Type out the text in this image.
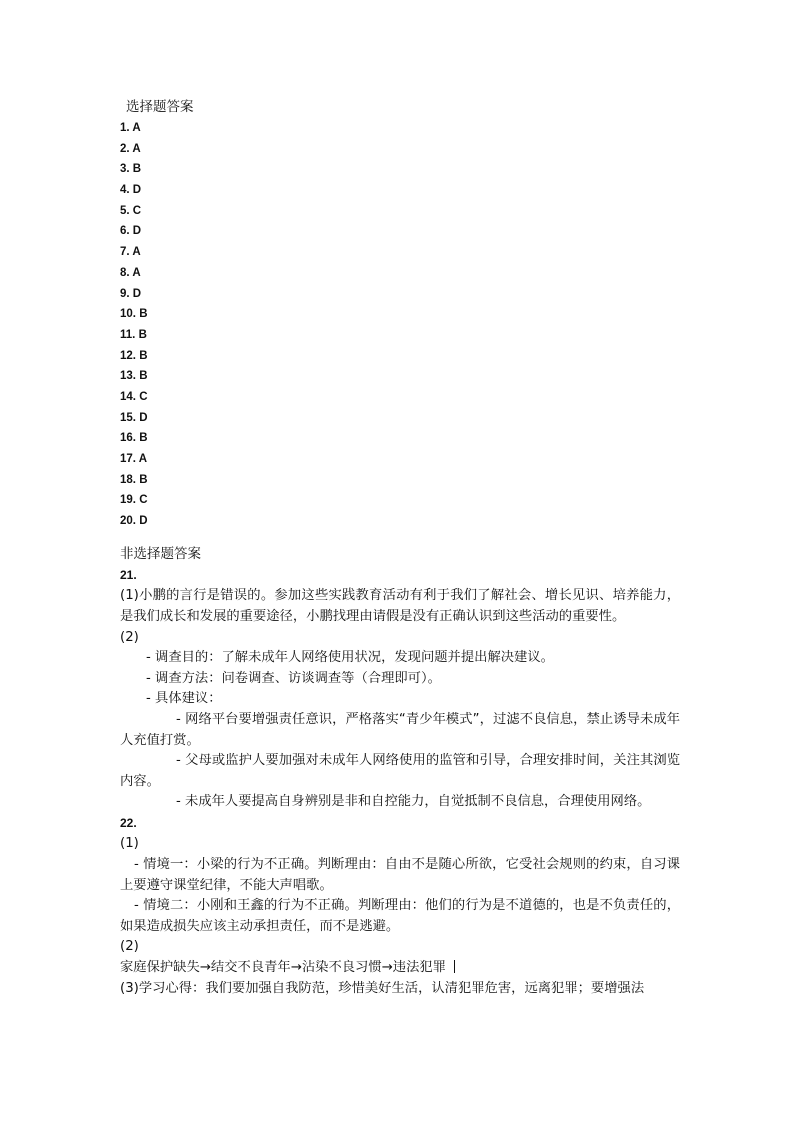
选择题答案
1 . A
2 . A
3 . B
4 . D
5 . C
6 . D
7 . A
8 . A
9 . D
10 . B
11 . B
12 . B
13 . B
14 . C
15 . D
16 . B
17 . A
18 . B
19 . C
20 . D
非选择题答案
21.
(1)小鹏的言行是错误的。参加这些实践教育活动有利于我们了解社会、增长见识、培养能力，是我们成长和发展的重要途径，小鹏找理由请假是没有正确认识到这些活动的重要性。
(2)
- 调查目的：了解未成年人网络使用状况，发现问题并提出解决建议。
- 调查方法：问卷调查、访谈调查等（合理即可）。
- 具体建议：
- 网络平台要增强责任意识，严格落实“青少年模式”，过滤不良信息，禁止诱导未成年人充值打赏。
- 父母或监护人要加强对未成年人网络使用的监管和引导，合理安排时间，关注其浏览内容。
- 未成年人要提高自身辨别是非和自控能力，自觉抵制不良信息，合理使用网络。
22.
(1)
- 情境一：小梁的行为不正确。判断理由：自由不是随心所欲，它受社会规则的约束，自习课上要遵守课堂纪律，不能大声唱歌。
- 情境二：小刚和王鑫的行为不正确。判断理由：他们的行为是不道德的，也是不负责任的，如果造成损失应该主动承担责任，而不是逃避。
(2)
家庭保护缺失→结交不良青年→沾染不良习惯→违法犯罪
(3)学习心得：我们要加强自我防范，珍惜美好生活，认清犯罪危害，远离犯罪；要增强法
